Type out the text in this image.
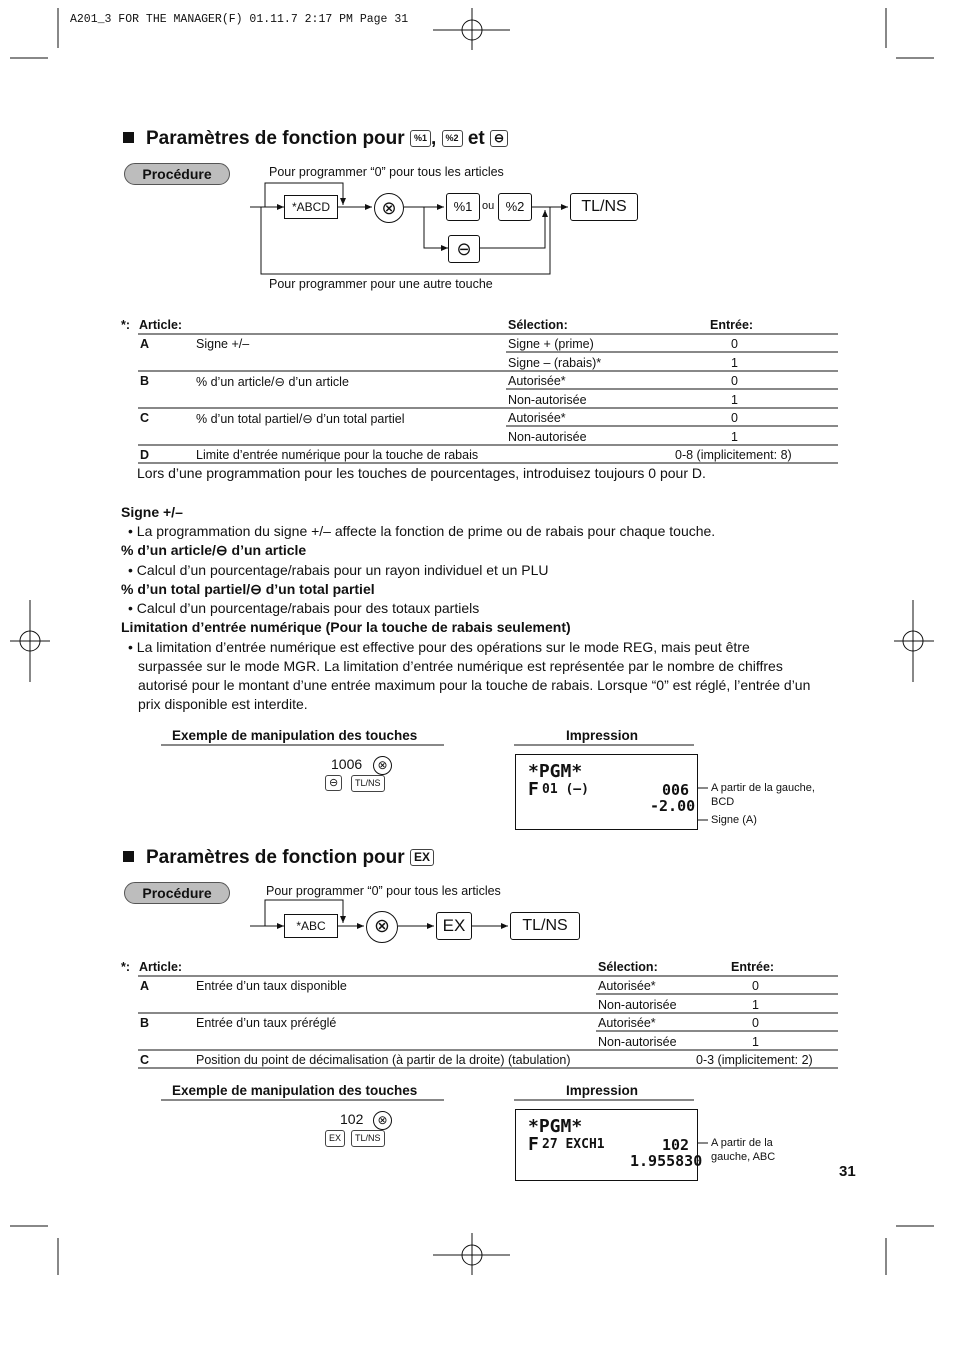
A201_3 FOR THE MANAGER(F) 01.11.7 2:17 PM Page 31
Paramètres de fonction pour %1 , %2 et ⊖
Procédure	Pour programmer “0” pour tous les articles
*ABCD	⊗	%1 ou %2
⊖
TL/NS
Pour programmer pour une autre touche
*: Article:	Sélection:	Entrée:
A	Signe +/–	Signe + (prime)	0
Signe – (rabais)*	1
B	% d’un article/⊖ d’un article	Autorisée*	0
Non-autorisée	1
C	% d’un total partiel/⊖ d’un total partiel	Autorisée*	0
Non-autorisée	1
D	Limite d’entrée numérique pour la touche de rabais	0-8 (implicitement: 8)
Lors d’une programmation pour les touches de pourcentages, introduisez toujours 0 pour D.
Signe +/–
• La programmation du signe +/– affecte la fonction de prime ou de rabais pour chaque touche.
% d’un article/⊖ d’un article
• Calcul d’un pourcentage/rabais pour un rayon individuel et un PLU
% d’un total partiel/⊖ d’un total partiel
• Calcul d’un pourcentage/rabais pour des totaux partiels
Limitation d’entrée numérique (Pour la touche de rabais seulement)
• La limitation d’entrée numérique est effective pour des opérations sur le mode REG, mais peut être
surpassée sur le mode MGR. La limitation d’entrée numérique est représentée par le nombre de chiffres
autorisé pour le montant d’une entrée maximum pour la touche de rabais. Lorsque “0” est réglé, l’entrée d’un
prix disponible est interdite.
Exemple de manipulation des touches	Impression
1006	⊗
⊖	TL/NS
*PGM*
F 01 (–)	006
-2.00
A partir de la gauche,
BCD
Signe (A)
Paramètres de fonction pour EX
Procédure	Pour programmer “0” pour tous les articles
*ABC	⊗	EX	TL/NS
*: Article:	Sélection:	Entrée:
A	Entrée d’un taux disponible	Autorisée*	0
Non-autorisée	1
B	Entrée d’un taux préréglé	Autorisée*	0
Non-autorisée	1
C	Position du point de décimalisation (à partir de la droite) (tabulation)	0-3 (implicitement: 2)
Exemple de manipulation des touches	Impression
102	⊗
EX	TL/NS
*PGM*
F 27 EXCH1	102
1.955830
A partir de la
gauche, ABC
31
